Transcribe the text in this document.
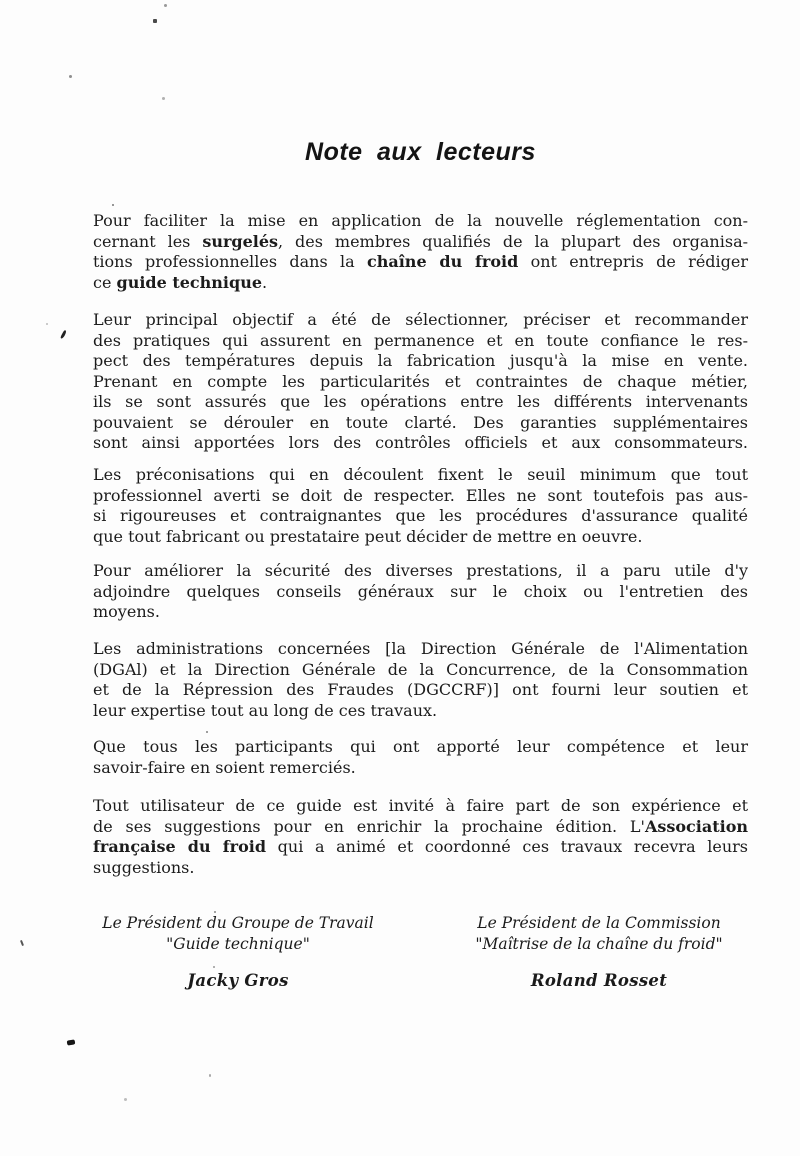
Note aux lecteurs
Pour faciliter la mise en application de la nouvelle réglementation con-
cernant les surgelés, des membres qualifiés de la plupart des organisa-
tions professionnelles dans la chaîne du froid ont entrepris de rédiger
ce guide technique.
Leur principal objectif a été de sélectionner, préciser et recommander
des pratiques qui assurent en permanence et en toute confiance le res-
pect des températures depuis la fabrication jusqu'à la mise en vente.
Prenant en compte les particularités et contraintes de chaque métier,
ils se sont assurés que les opérations entre les différents intervenants
pouvaient se dérouler en toute clarté. Des garanties supplémentaires
sont ainsi apportées lors des contrôles officiels et aux consommateurs.
Les préconisations qui en découlent fixent le seuil minimum que tout
professionnel averti se doit de respecter. Elles ne sont toutefois pas aus-
si rigoureuses et contraignantes que les procédures d'assurance qualité
que tout fabricant ou prestataire peut décider de mettre en oeuvre.
Pour améliorer la sécurité des diverses prestations, il a paru utile d'y
adjoindre quelques conseils généraux sur le choix ou l'entretien des
moyens.
Les administrations concernées [la Direction Générale de l'Alimentation
(DGAl) et la Direction Générale de la Concurrence, de la Consommation
et de la Répression des Fraudes (DGCCRF)] ont fourni leur soutien et
leur expertise tout au long de ces travaux.
Que tous les participants qui ont apporté leur compétence et leur
savoir-faire en soient remerciés.
Tout utilisateur de ce guide est invité à faire part de son expérience et
de ses suggestions pour en enrichir la prochaine édition. L'Association
française du froid qui a animé et coordonné ces travaux recevra leurs
suggestions.
Le Président du Groupe de Travail
"Guide technique"
Jacky Gros
Le Président de la Commission
"Maîtrise de la chaîne du froid"
Roland Rosset
